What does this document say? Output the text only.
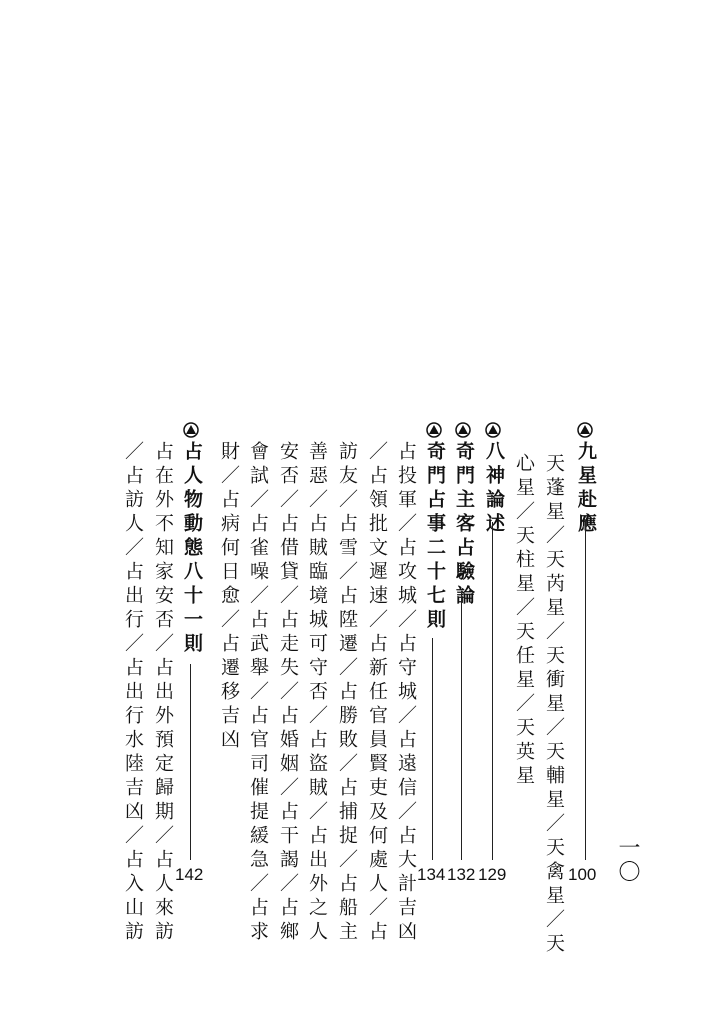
九星赴應
100
天蓬星／天芮星／天衝星／天輔星／天禽星／天
心星／天柱星／天任星／天英星
八神論述
129
奇門主客占驗論
132
奇門占事二十七則
134
占投軍／占攻城／占守城／占遠信／占大計吉凶
／占領批文遲速／占新任官員賢吏及何處人／占
訪友／占雪／占陞遷／占勝敗／占捕捉／占船主
善惡／占賊臨境城可守否／占盜賊／占出外之人
安否／占借貸／占走失／占婚姻／占干謁／占鄉
會試／占雀噪／占武舉／占官司催提緩急／占求
財／占病何日愈／占遷移吉凶
占人物動態八十一則
142
占在外不知家安否／占出外預定歸期／占人來訪
／占訪人／占出行／占出行水陸吉凶／占入山訪	一〇
